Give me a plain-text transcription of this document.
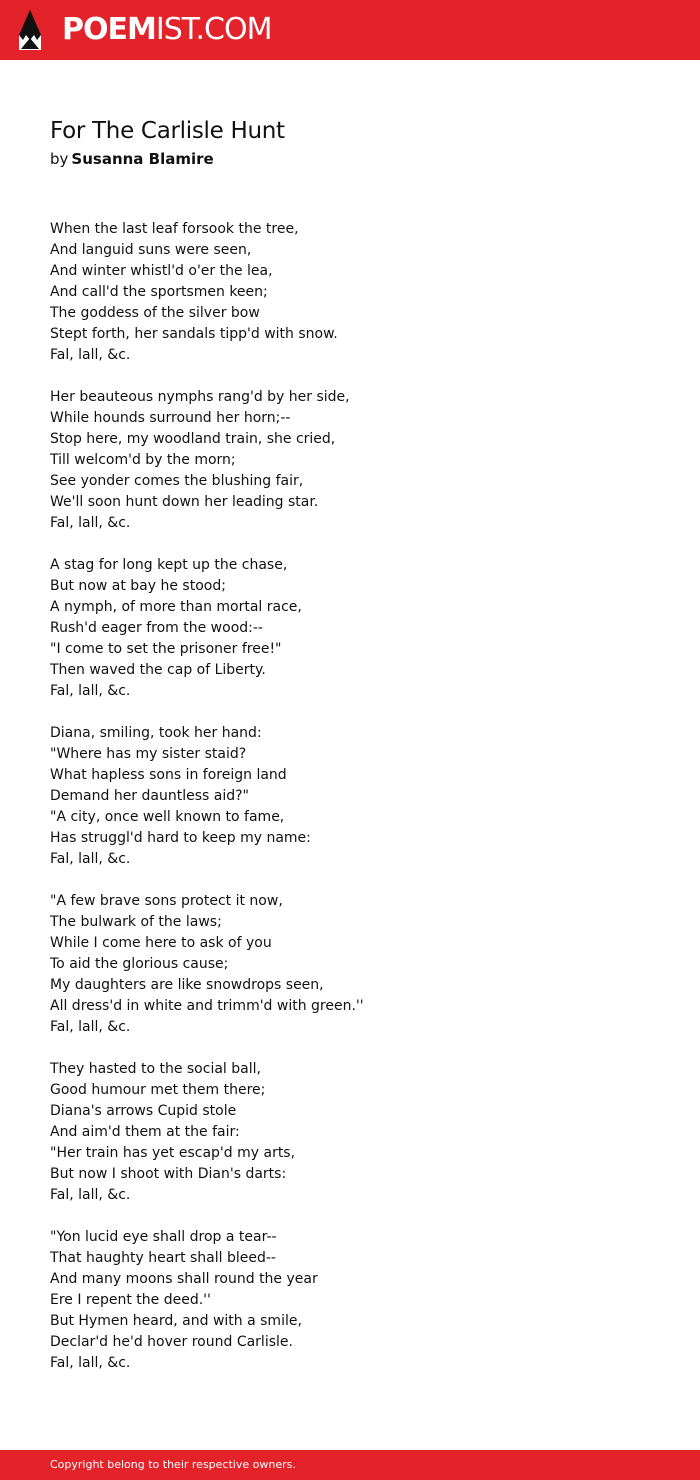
POEMIST.COM
For The Carlisle Hunt
by Susanna Blamire
When the last leaf forsook the tree,
And languid suns were seen,
And winter whistl'd o'er the lea,
And call'd the sportsmen keen;
The goddess of the silver bow
Stept forth, her sandals tipp'd with snow.
Fal, lall, &c.
Her beauteous nymphs rang'd by her side,
While hounds surround her horn;--
Stop here, my woodland train, she cried,
Till welcom'd by the morn;
See yonder comes the blushing fair,
We'll soon hunt down her leading star.
Fal, lall, &c.
A stag for long kept up the chase,
But now at bay he stood;
A nymph, of more than mortal race,
Rush'd eager from the wood:--
"I come to set the prisoner free!"
Then waved the cap of Liberty.
Fal, lall, &c.
Diana, smiling, took her hand:
"Where has my sister staid?
What hapless sons in foreign land
Demand her dauntless aid?"
"A city, once well known to fame,
Has struggl'd hard to keep my name:
Fal, lall, &c.
"A few brave sons protect it now,
The bulwark of the laws;
While I come here to ask of you
To aid the glorious cause;
My daughters are like snowdrops seen,
All dress'd in white and trimm'd with green.''
Fal, lall, &c.
They hasted to the social ball,
Good humour met them there;
Diana's arrows Cupid stole
And aim'd them at the fair:
"Her train has yet escap'd my arts,
But now I shoot with Dian's darts:
Fal, lall, &c.
"Yon lucid eye shall drop a tear--
That haughty heart shall bleed--
And many moons shall round the year
Ere I repent the deed.''
But Hymen heard, and with a smile,
Declar'd he'd hover round Carlisle.
Fal, lall, &c.
Copyright belong to their respective owners.
